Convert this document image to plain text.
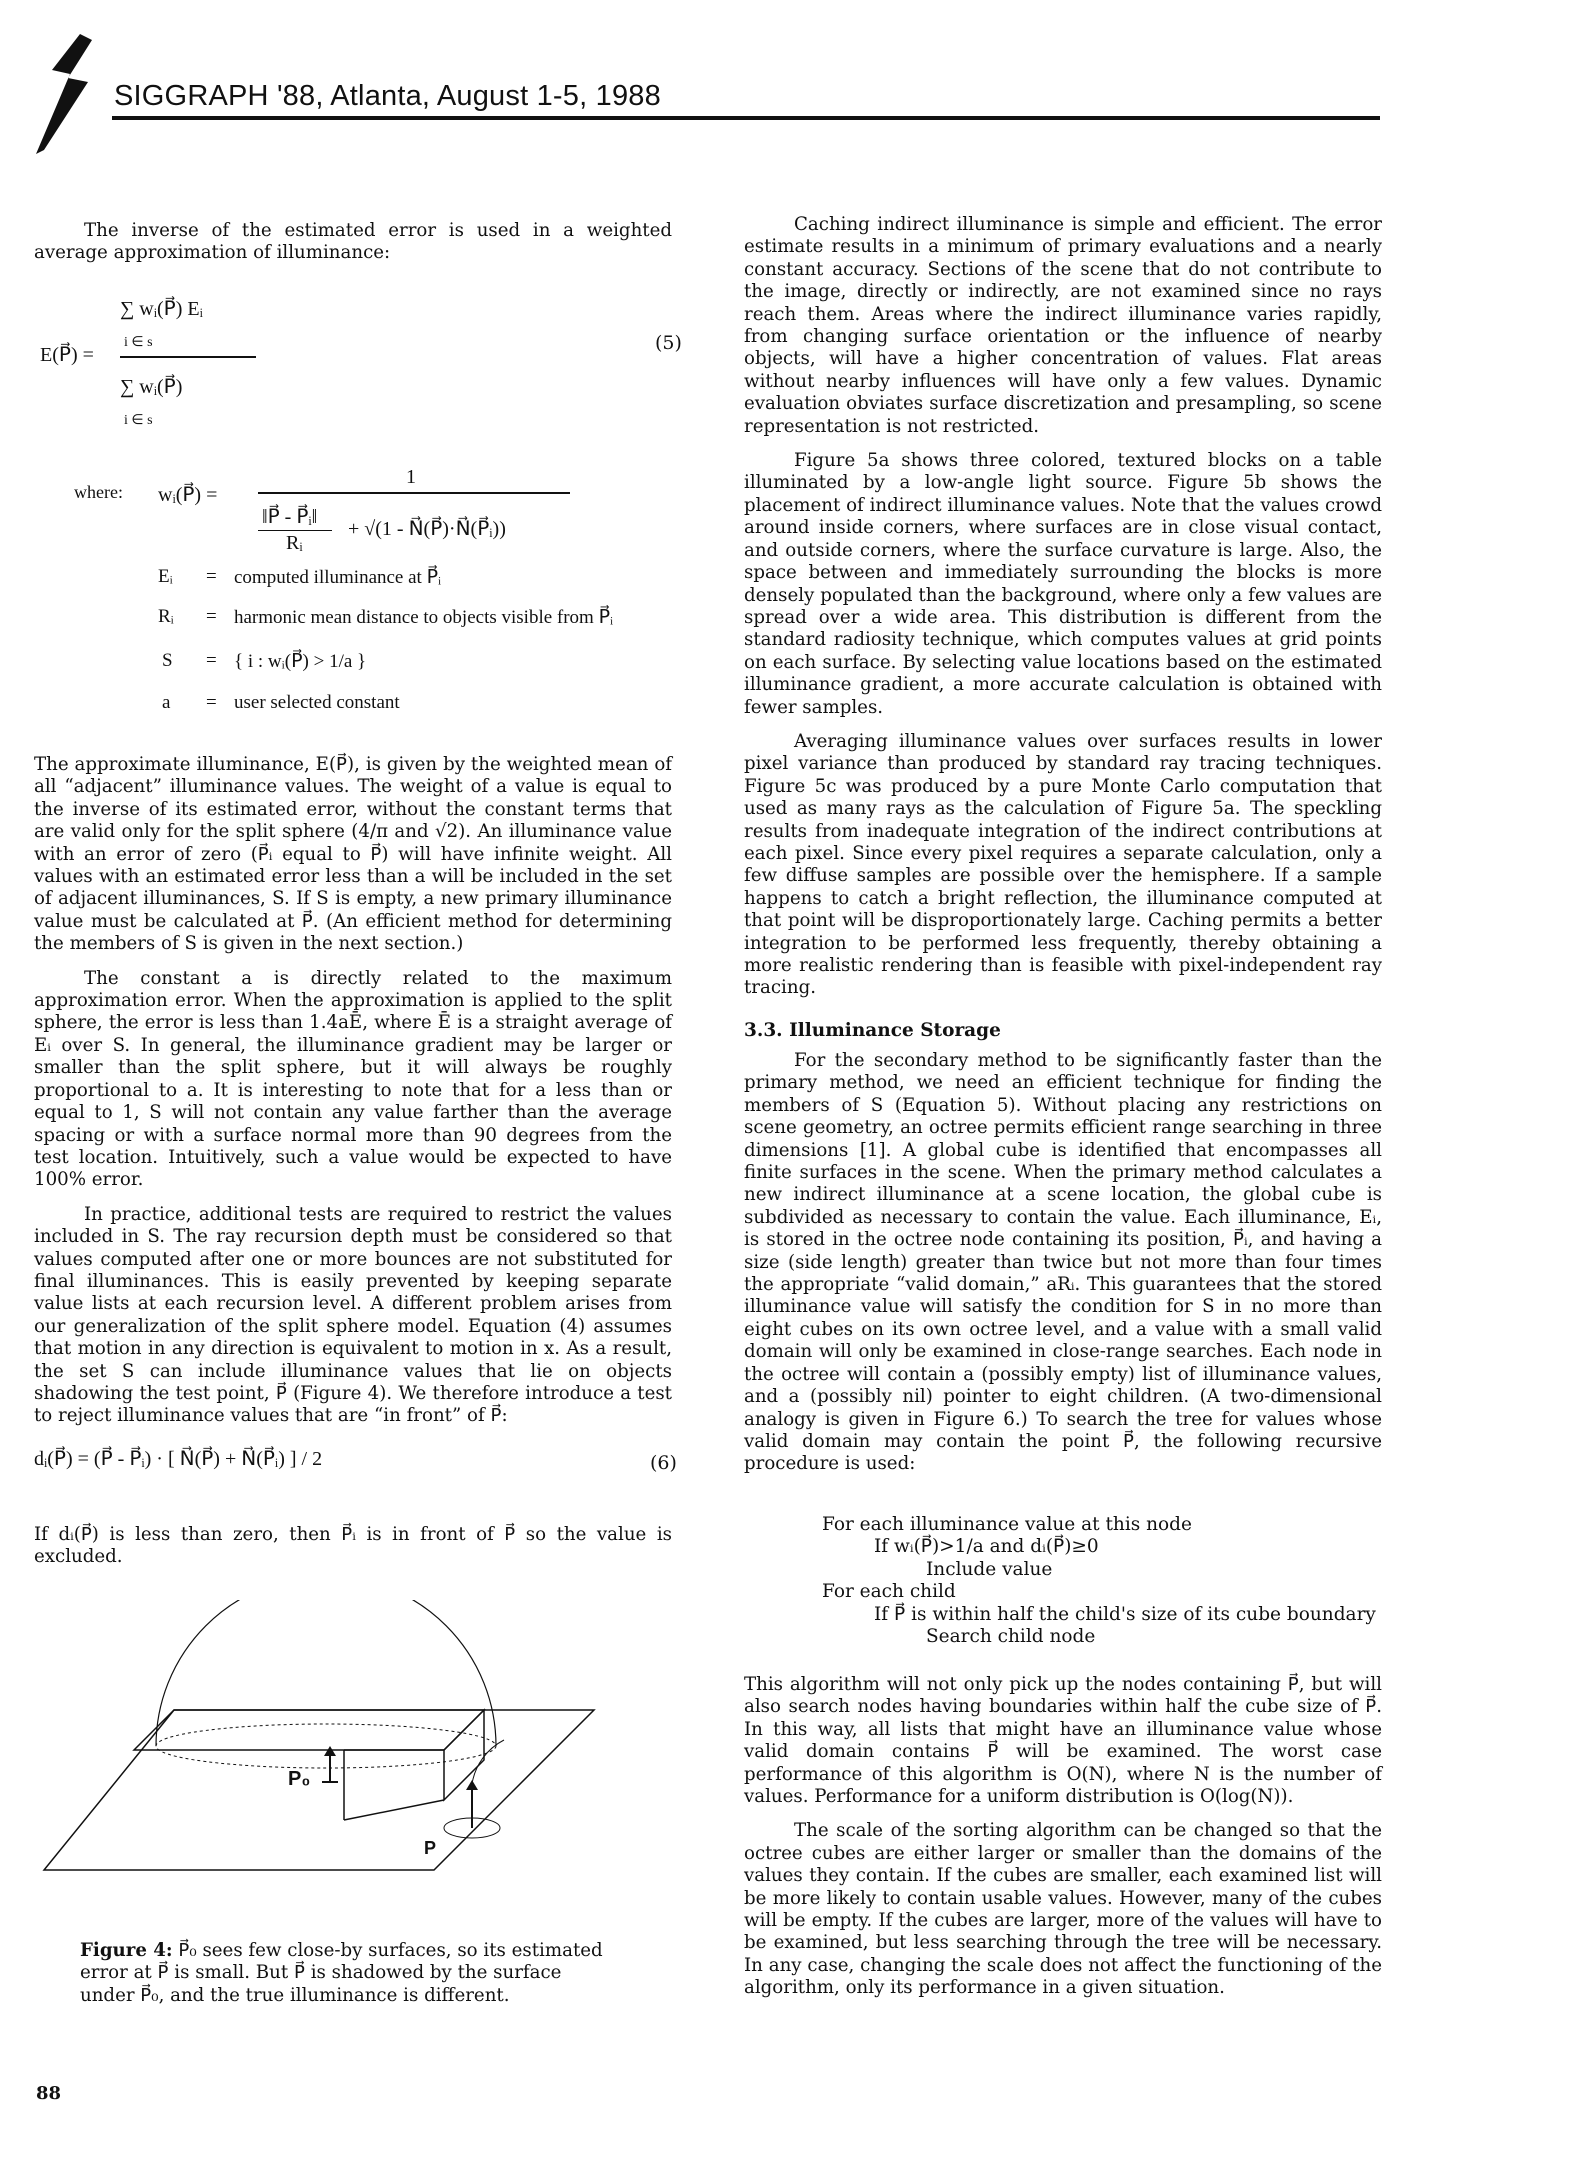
SIGGRAPH '88, Atlanta, August 1-5, 1988

The inverse of the estimated error is used in a weighted average approximation of illuminance:

E(P⃗) =
∑ wᵢ(P⃗) Eᵢ
i ∈ s
∑ wᵢ(P⃗)
i ∈ s
(5)
where: wᵢ(P⃗) =
1
‖P⃗ - P⃗ᵢ‖
Rᵢ
+ √(1 - N⃗(P⃗)·N⃗(P⃗ᵢ))
Eᵢ = computed illuminance at P⃗ᵢ
Rᵢ = harmonic mean distance to objects visible from P⃗ᵢ
S = { i : wᵢ(P⃗) > 1/a }
a = user selected constant

The approximate illuminance, E(P⃗), is given by the weighted mean of all “adjacent” illuminance values. The weight of a value is equal to the inverse of its estimated error, without the constant terms that are valid only for the split sphere (4/π and √2). An illuminance value with an error of zero (P⃗ᵢ equal to P⃗) will have infinite weight. All values with an estimated error less than a will be included in the set of adjacent illuminances, S. If S is empty, a new primary illuminance value must be calculated at P⃗. (An efficient method for determining the members of S is given in the next section.)

The constant a is directly related to the maximum approximation error. When the approximation is applied to the split sphere, the error is less than 1.4aĒ, where Ē is a straight average of Eᵢ over S. In general, the illuminance gradient may be larger or smaller than the split sphere, but it will always be roughly proportional to a. It is interesting to note that for a less than or equal to 1, S will not contain any value farther than the average spacing or with a surface normal more than 90 degrees from the test location. Intuitively, such a value would be expected to have 100% error.

In practice, additional tests are required to restrict the values included in S. The ray recursion depth must be considered so that values computed after one or more bounces are not substituted for final illuminances. This is easily prevented by keeping separate value lists at each recursion level. A different problem arises from our generalization of the split sphere model. Equation (4) assumes that motion in any direction is equivalent to motion in x. As a result, the set S can include illuminance values that lie on objects shadowing the test point, P⃗ (Figure 4). We therefore introduce a test to reject illuminance values that are “in front” of P⃗:

dᵢ(P⃗) = (P⃗ - P⃗ᵢ) · [ N⃗(P⃗) + N⃗(P⃗ᵢ) ] / 2	(6)

If dᵢ(P⃗) is less than zero, then P⃗ᵢ is in front of P⃗ so the value is excluded.

P₀
P
Figure 4: P⃗₀ sees few close-by surfaces, so its estimated error at P⃗ is small. But P⃗ is shadowed by the surface under P⃗₀, and the true illuminance is different.

Caching indirect illuminance is simple and efficient. The error estimate results in a minimum of primary evaluations and a nearly constant accuracy. Sections of the scene that do not contribute to the image, directly or indirectly, are not examined since no rays reach them. Areas where the indirect illuminance varies rapidly, from changing surface orientation or the influence of nearby objects, will have a higher concentration of values. Flat areas without nearby influences will have only a few values. Dynamic evaluation obviates surface discretization and presampling, so scene representation is not restricted.

Figure 5a shows three colored, textured blocks on a table illuminated by a low-angle light source. Figure 5b shows the placement of indirect illuminance values. Note that the values crowd around inside corners, where surfaces are in close visual contact, and outside corners, where the surface curvature is large. Also, the space between and immediately surrounding the blocks is more densely populated than the background, where only a few values are spread over a wide area. This distribution is different from the standard radiosity technique, which computes values at grid points on each surface. By selecting value locations based on the estimated illuminance gradient, a more accurate calculation is obtained with fewer samples.

Averaging illuminance values over surfaces results in lower pixel variance than produced by standard ray tracing techniques. Figure 5c was produced by a pure Monte Carlo computation that used as many rays as the calculation of Figure 5a. The speckling results from inadequate integration of the indirect contributions at each pixel. Since every pixel requires a separate calculation, only a few diffuse samples are possible over the hemisphere. If a sample happens to catch a bright reflection, the illuminance computed at that point will be disproportionately large. Caching permits a better integration to be performed less frequently, thereby obtaining a more realistic rendering than is feasible with pixel-independent ray tracing.

3.3. Illuminance Storage

For the secondary method to be significantly faster than the primary method, we need an efficient technique for finding the members of S (Equation 5). Without placing any restrictions on scene geometry, an octree permits efficient range searching in three dimensions [1]. A global cube is identified that encompasses all finite surfaces in the scene. When the primary method calculates a new indirect illuminance at a scene location, the global cube is subdivided as necessary to contain the value. Each illuminance, Eᵢ, is stored in the octree node containing its position, P⃗ᵢ, and having a size (side length) greater than twice but not more than four times the appropriate “valid domain,” aRᵢ. This guarantees that the stored illuminance value will satisfy the condition for S in no more than eight cubes on its own octree level, and a value with a small valid domain will only be examined in close-range searches. Each node in the octree will contain a (possibly empty) list of illuminance values, and a (possibly nil) pointer to eight children. (A two-dimensional analogy is given in Figure 6.) To search the tree for values whose valid domain may contain the point P⃗, the following recursive procedure is used:

For each illuminance value at this node
If wᵢ(P⃗)>1/a and dᵢ(P⃗)≥0
Include value
For each child
If P⃗ is within half the child's size of its cube boundary
Search child node

This algorithm will not only pick up the nodes containing P⃗, but will also search nodes having boundaries within half the cube size of P⃗. In this way, all lists that might have an illuminance value whose valid domain contains P⃗ will be examined. The worst case performance of this algorithm is O(N), where N is the number of values. Performance for a uniform distribution is O(log(N)).

The scale of the sorting algorithm can be changed so that the octree cubes are either larger or smaller than the domains of the values they contain. If the cubes are smaller, each examined list will be more likely to contain usable values. However, many of the cubes will be empty. If the cubes are larger, more of the values will have to be examined, but less searching through the tree will be necessary. In any case, changing the scale does not affect the functioning of the algorithm, only its performance in a given situation.

88
